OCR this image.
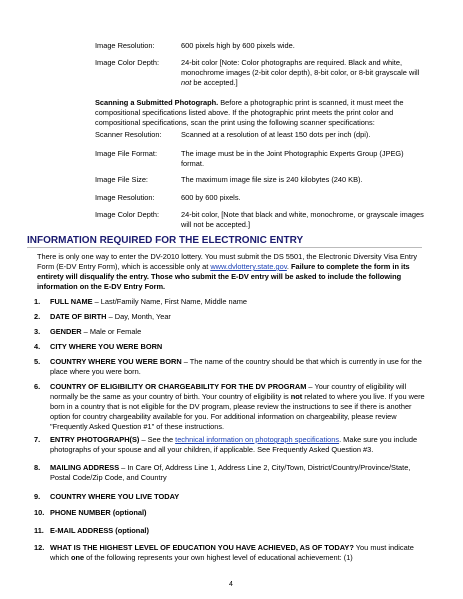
Image Resolution:	600 pixels high by 600 pixels wide.
Image Color Depth:	24-bit color [Note: Color photographs are required. Black and white, monochrome images (2-bit color depth), 8-bit color, or 8-bit grayscale will not be accepted.]
Scanning a Submitted Photograph. Before a photographic print is scanned, it must meet the compositional specifications listed above. If the photographic print meets the print color and compositional specifications, scan the print using the following scanner specifications:
Scanner Resolution:	Scanned at a resolution of at least 150 dots per inch (dpi).
Image File Format:	The image must be in the Joint Photographic Experts Group (JPEG) format.
Image File Size:	The maximum image file size is 240 kilobytes (240 KB).
Image Resolution:	600 by 600 pixels.
Image Color Depth:	24-bit color, [Note that black and white, monochrome, or grayscale images will not be accepted.]
INFORMATION REQUIRED FOR THE ELECTRONIC ENTRY
There is only one way to enter the DV-2010 lottery. You must submit the DS 5501, the Electronic Diversity Visa Entry Form (E-DV Entry Form), which is accessible only at www.dvlottery.state.gov. Failure to complete the form in its entirety will disqualify the entry. Those who submit the E-DV entry will be asked to include the following information on the E-DV Entry Form.
1. FULL NAME – Last/Family Name, First Name, Middle name
2. DATE OF BIRTH – Day, Month, Year
3. GENDER – Male or Female
4. CITY WHERE YOU WERE BORN
5. COUNTRY WHERE YOU WERE BORN – The name of the country should be that which is currently in use for the place where you were born.
6. COUNTRY OF ELIGIBILITY OR CHARGEABILITY FOR THE DV PROGRAM – Your country of eligibility will normally be the same as your country of birth. Your country of eligibility is not related to where you live. If you were born in a country that is not eligible for the DV program, please review the instructions to see if there is another option for country chargeability available for you. For additional information on chargeability, please review "Frequently Asked Question #1" of these instructions.
7. ENTRY PHOTOGRAPH(S) – See the technical information on photograph specifications. Make sure you include photographs of your spouse and all your children, if applicable. See Frequently Asked Question #3.
8. MAILING ADDRESS – In Care Of, Address Line 1, Address Line 2, City/Town, District/Country/Province/State, Postal Code/Zip Code, and Country
9. COUNTRY WHERE YOU LIVE TODAY
10. PHONE NUMBER (optional)
11. E-MAIL ADDRESS (optional)
12. WHAT IS THE HIGHEST LEVEL OF EDUCATION YOU HAVE ACHIEVED, AS OF TODAY? You must indicate which one of the following represents your own highest level of educational achievement: (1)
4
